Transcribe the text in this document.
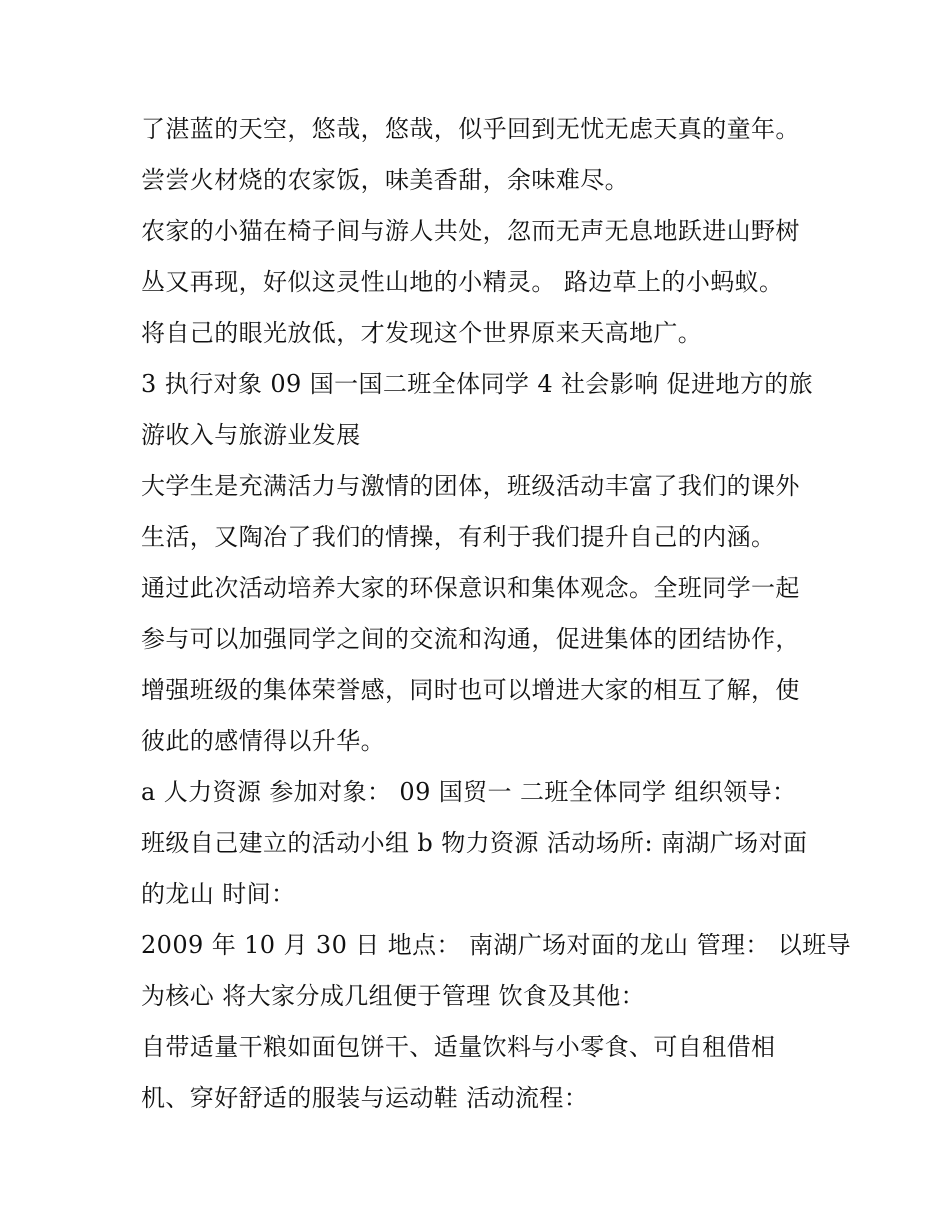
了湛蓝的天空，悠哉，悠哉，似乎回到无忧无虑天真的童年。
尝尝火材烧的农家饭，味美香甜，余味难尽。
农家的小猫在椅子间与游人共处，忽而无声无息地跃进山野树
丛又再现，好似这灵性山地的小精灵。 路边草上的小蚂蚁。
将自己的眼光放低，才发现这个世界原来天高地广。
3 执行对象 09 国一国二班全体同学 4 社会影响 促进地方的旅
游收入与旅游业发展
大学生是充满活力与激情的团体，班级活动丰富了我们的课外
生活，又陶冶了我们的情操，有利于我们提升自己的内涵。
通过此次活动培养大家的环保意识和集体观念。全班同学一起
参与可以加强同学之间的交流和沟通，促进集体的团结协作，
增强班级的集体荣誉感，同时也可以增进大家的相互了解，使
彼此的感情得以升华。
a 人力资源 参加对象： 09 国贸一 二班全体同学 组织领导：
班级自己建立的活动小组 b 物力资源 活动场所: 南湖广场对面
的龙山 时间：
2009 年 10 月 30 日 地点： 南湖广场对面的龙山 管理： 以班导
为核心 将大家分成几组便于管理 饮食及其他：
自带适量干粮如面包饼干、适量饮料与小零食、可自租借相
机、穿好舒适的服装与运动鞋 活动流程：
